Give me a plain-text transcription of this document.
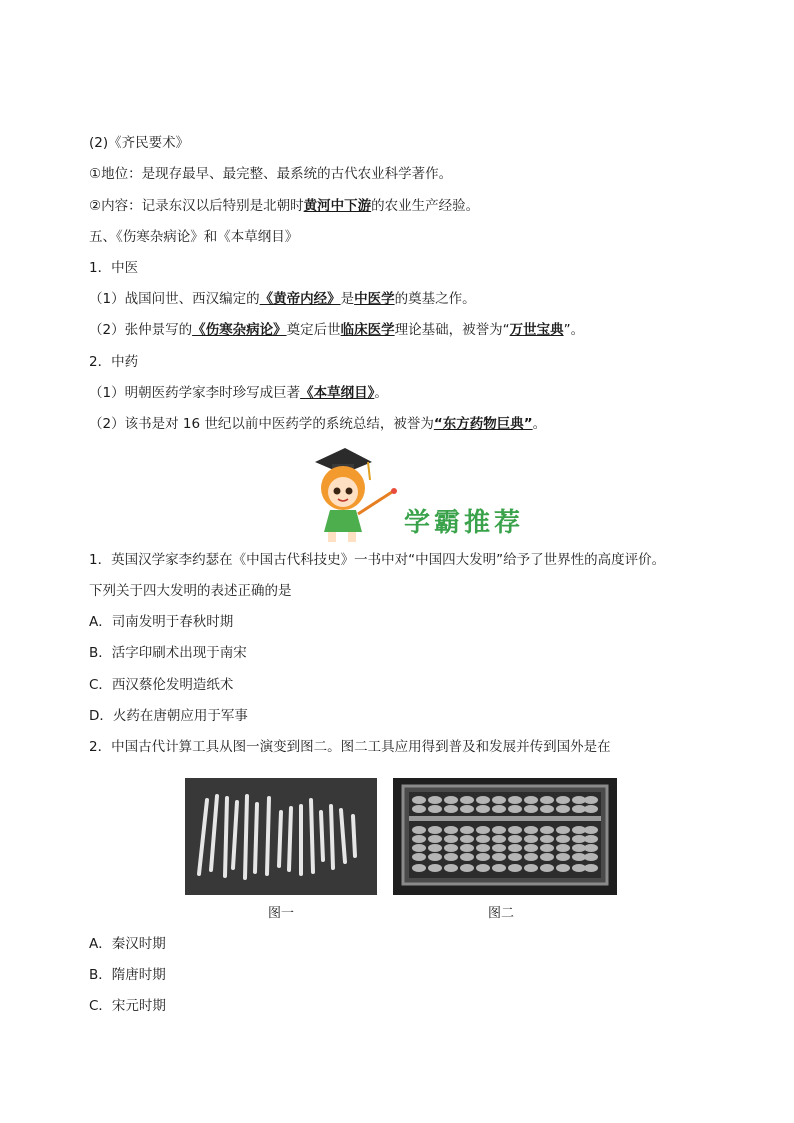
(2)《齐民要术》
①地位：是现存最早、最完整、最系统的古代农业科学著作。
②内容：记录东汉以后特别是北朝时黄河中下游的农业生产经验。
五、《伤寒杂病论》和《本草纲目》
1．中医
（1）战国问世、西汉编定的《黄帝内经》是中医学的奠基之作。
（2）张仲景写的《伤寒杂病论》奠定后世临床医学理论基础，被誉为“万世宝典”。
2．中药
（1）明朝医药学家李时珍写成巨著《本草纲目》。
（2）该书是对 16 世纪以前中医药学的系统总结，被誉为“东方药物巨典”。
学霸推荐
1．英国汉学家李约瑟在《中国古代科技史》一书中对“中国四大发明”给予了世界性的高度评价。
下列关于四大发明的表述正确的是
A．司南发明于春秋时期
B．活字印刷术出现于南宋
C．西汉蔡伦发明造纸术
D．火药在唐朝应用于军事
2．中国古代计算工具从图一演变到图二。图二工具应用得到普及和发展并传到国外是在
图一	图二
A．秦汉时期
B．隋唐时期
C．宋元时期
